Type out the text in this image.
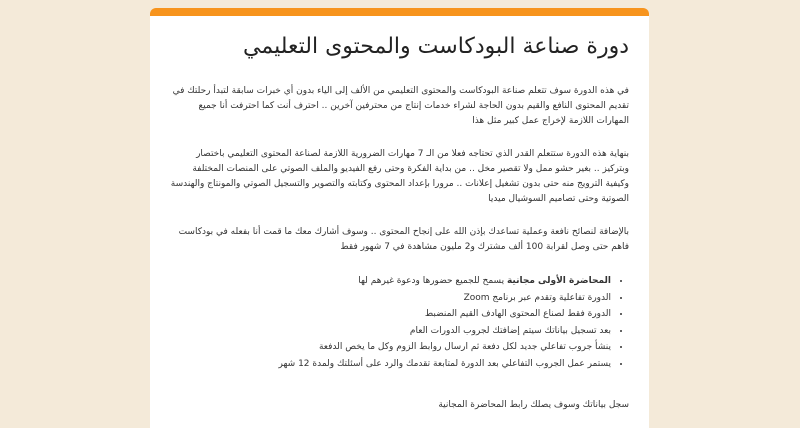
دورة صناعة البودكاست والمحتوى التعليمي

في هذه الدورة سوف تتعلم صناعة البودكاست والمحتوى التعليمي من الألف إلى الياء بدون أي خبرات سابقة لتبدأ رحلتك في تقديم المحتوى النافع والقيم بدون الحاجة لشراء خدمات إنتاج من محترفين آخرين .. احترف أنت كما احترفت أنا جميع المهارات اللازمة لإخراج عمل كبير مثل هذا

بنهاية هذه الدورة ستتعلم القدر الذي تحتاجه فعلا من الـ 7 مهارات الضرورية اللازمة لصناعة المحتوى التعليمي باختصار وبتركيز .. بغير حشو ممل ولا تقصير مخل .. من بداية الفكرة وحتى رفع الفيديو والملف الصوتي على المنصات المختلفة وكيفية الترويج منه حتى بدون تشغيل إعلانات .. مرورا بإعداد المحتوى وكتابته والتصوير والتسجيل الصوتي والمونتاج والهندسة الصوتية وحتى تصاميم السوشيال ميديا

بالإضافة لنصائح نافعة وعملية تساعدك بإذن الله على إنجاح المحتوى .. وسوف أشارك معك ما قمت أنا بفعله في بودكاست فاهم حتى وصل لقرابة 100 ألف مشترك و2 مليون مشاهدة في 7 شهور فقط

• المحاضرة الأولى مجانية يسمح للجميع حضورها ودعوة غيرهم لها
• الدورة تفاعلية وتقدم عبر برنامج Zoom
• الدورة فقط لصناع المحتوى الهادف القيم المنضبط
• بعد تسجيل بياناتك سيتم إضافتك لجروب الدورات العام
• ينشأ جروب تفاعلي جديد لكل دفعة ثم ارسال روابط الزوم وكل ما يخص الدفعة
• يستمر عمل الجروب التفاعلي بعد الدورة لمتابعة تقدمك والرد على أسئلتك ولمدة 12 شهر

سجل بياناتك وسوف يصلك رابط المحاضرة المجانية
